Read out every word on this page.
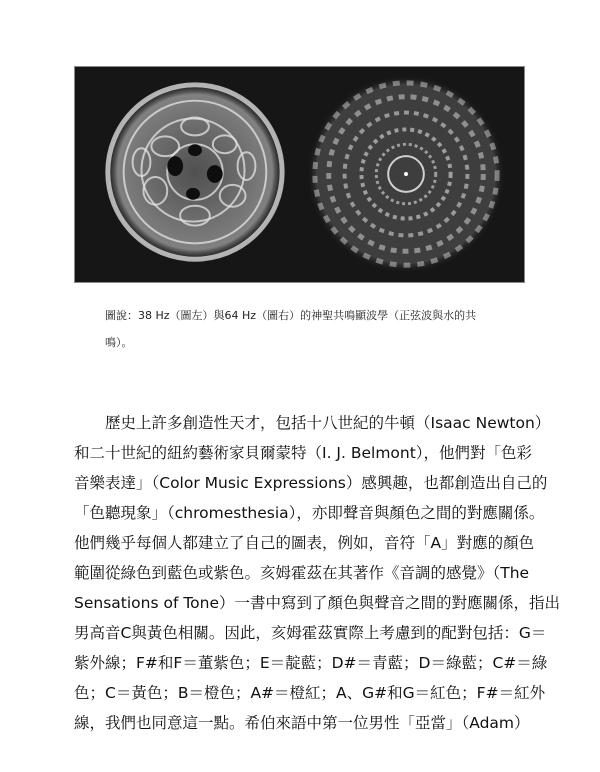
圖說：38 Hz（圖左）與64 Hz（圖右）的神聖共鳴顯波學（正弦波與水的共
鳴）。
歷史上許多創造性天才，包括十八世紀的牛頓（Isaac Newton）
和二十世紀的紐約藝術家貝爾蒙特（I. J. Belmont），他們對「色彩
音樂表達」（Color Music Expressions）感興趣，也都創造出自己的
「色聽現象」（chromesthesia），亦即聲音與顏色之間的對應關係。
他們幾乎每個人都建立了自己的圖表，例如，音符「A」對應的顏色
範圍從綠色到藍色或紫色。亥姆霍茲在其著作《音調的感覺》（The
Sensations of Tone）一書中寫到了顏色與聲音之間的對應關係，指出
男高音C與黃色相關。因此，亥姆霍茲實際上考慮到的配對包括：G＝
紫外線；F#和F＝董紫色；E＝靛藍；D#＝青藍；D＝綠藍；C#＝綠
色；C＝黃色；B＝橙色；A#＝橙紅；A、G#和G＝紅色；F#＝紅外
線，我們也同意這一點。希伯來語中第一位男性「亞當」（Adam）
